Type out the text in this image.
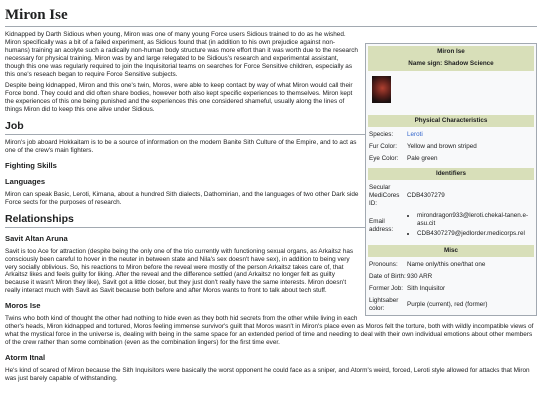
Miron Ise
Miron Ise
Name sign: Shadow Science
Physical Characteristics
Species:	Leroti
Fur Color:	Yellow and brown striped
Eye Color:	Pale green
Identifiers
Secular MediCores ID:
CDB4307279
Email address:
• mirondragon933@leroti.chekal-tanen.e-asu.cit
• CDB4307279@jedlorder.medicorps.rel
Misc
Pronouns:	Name only/this one/that one
Date of Birth: 930 ARR
Former Job: Sith Inquisitor
Lightsaber color:
Purple (current), red (former)

Kidnapped by Darth Sidious when young, Miron was one of many young Force users Sidious trained to do as he wished. Miron specifically was a bit of a failed experiment, as Sidious found that (in addition to his own prejudice against non-humans) training an acolyte such a radically non-human body structure was more effort than it was worth due to the research necessary for physical training. Miron was by and large relegated to be Sidious's research and experimental assistant, though this one was regularly required to join the Inquisitorial teams on searches for Force Sensitive children, especially as this one's reseach began to require Force Sensitive subjects.

Despite being kidnapped, Miron and this one's twin, Moros, were able to keep contact by way of what Miron would call their Force bond. They could and did often share bodies, however both also kept specific experiences to themselves. Miron kept the experiences of this one being punished and the experiences this one considered shameful, usually along the lines of things Miron did to keep this one alive under Sidious.

Job

Miron's job aboard Hokkaitam is to be a source of information on the modern Banite Sith Culture of the Empire, and to act as one of the crew's main fighters.

Fighting Skills
Languages

Miron can speak Basic, Leroti, Kimana, about a hundred Sith dialects, Dathomirian, and the languages of two other Dark side Force sects for the purposes of research.

Relationships
Savit Altan Aruna

Savit is too Ace for attraction (despite being the only one of the trio currently with functioning sexual organs, as Arkaitsz has consciously been careful to hover in the neuter in between state and Nila's sex doesn't have sex), in addition to being very very socially oblivious. So, his reactions to Miron before the reveal were mostly of the person Arkaitsz takes care of, that Arkaitsz likes and feels guilty for liking. After the reveal and the difference settled (and Arkaitsz no longer felt as guilty because it wasn't Miron they like), Savit got a little closer, but they just don't really have the same interests. Miron doesn't really interact much with Savit as Savit because both before and after Moros wants to front to talk about tech stuff.

Moros Ise

Twins who both kind of thought the other had nothing to hide even as they both hid secrets from the other while living in each other's heads, Miron kidnapped and tortured, Moros feeling immense survivor's guilt that Moros wasn't in Miron's place even as Moros felt the torture, both with wildly incompatible views of what the mystical force in the universe is, dealing with being in the same space for an extended period of time and needing to deal with their own individual emotions about other members of the crew rather than some combination (even as the combination lingers) for the first time ever.

Atorm Itnal

He's kind of scared of Miron because the Sith Inquisitors were basically the worst opponent he could face as a sniper, and Atorm's weird, forced, Leroti style allowed for attacks that Miron was just barely capable of withstanding.
